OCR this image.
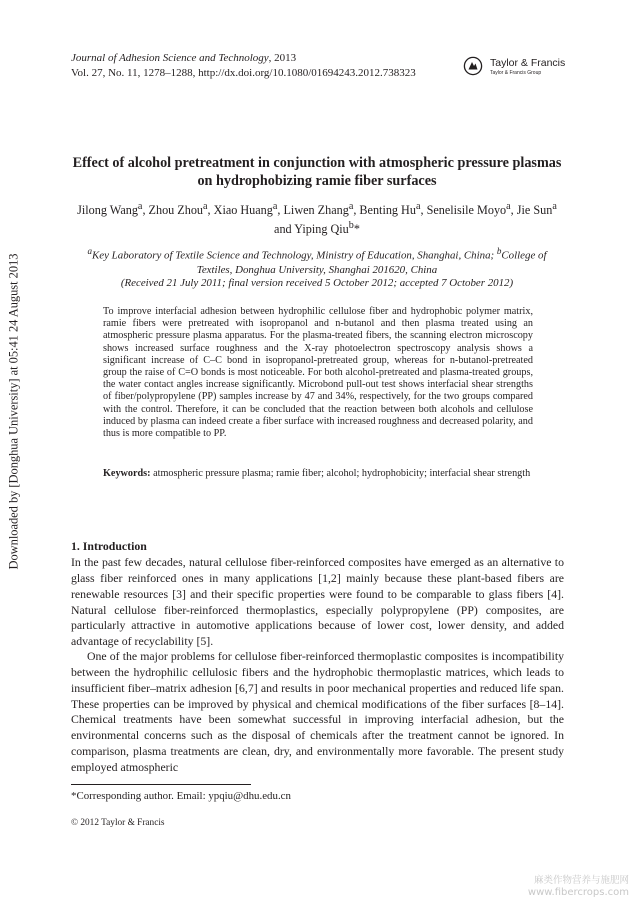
Downloaded by [Donghua University] at 05:41 24 August 2013
Journal of Adhesion Science and Technology, 2013
Vol. 27, No. 11, 1278–1288, http://dx.doi.org/10.1080/01694243.2012.738323
Taylor & Francis
Taylor & Francis Group
Effect of alcohol pretreatment in conjunction with atmospheric pressure plasmas on hydrophobizing ramie fiber surfaces
Jilong Wang$^a$, Zhou Zhou$^a$, Xiao Huang$^a$, Liwen Zhang$^a$, Benting Hu$^a$, Senelisile Moyo$^a$, Jie Sun$^a$ and Yiping Qiu$^b$*
$^a$Key Laboratory of Textile Science and Technology, Ministry of Education, Shanghai, China; $^b$College of Textiles, Donghua University, Shanghai 201620, China
(Received 21 July 2011; final version received 5 October 2012; accepted 7 October 2012)

To improve interfacial adhesion between hydrophilic cellulose fiber and hydrophobic polymer matrix, ramie fibers were pretreated with isopropanol and n-butanol and then plasma treated using an atmospheric pressure plasma apparatus. For the plasma-treated fibers, the scanning electron microscopy shows increased surface roughness and the X-ray photoelectron spectroscopy analysis shows a significant increase of C–C bond in isopropanol-pretreated group, whereas for n-butanol-pretreated group the raise of C=O bonds is most noticeable. For both alcohol-pretreated and plasma-treated groups, the water contact angles increase significantly. Microbond pull-out test shows interfacial shear strengths of fiber/polypropylene (PP) samples increase by 47 and 34%, respectively, for the two groups compared with the control. Therefore, it can be concluded that the reaction between both alcohols and cellulose induced by plasma can indeed create a fiber surface with increased roughness and decreased polarity, and thus is more compatible to PP.

Keywords: atmospheric pressure plasma; ramie fiber; alcohol; hydrophobicity; interfacial shear strength

1. Introduction

In the past few decades, natural cellulose fiber-reinforced composites have emerged as an alternative to glass fiber reinforced ones in many applications [1,2] mainly because these plant-based fibers are renewable resources [3] and their specific properties were found to be comparable to glass fibers [4]. Natural cellulose fiber-reinforced thermoplastics, especially polypropylene (PP) composites, are particularly attractive in automotive applications because of lower cost, lower density, and added advantage of recyclability [5].

One of the major problems for cellulose fiber-reinforced thermoplastic composites is incompatibility between the hydrophilic cellulosic fibers and the hydrophobic thermoplastic matrices, which leads to insufficient fiber–matrix adhesion [6,7] and results in poor mechanical properties and reduced life span. These properties can be improved by physical and chemical modifications of the fiber surfaces [8–14]. Chemical treatments have been somewhat successful in improving interfacial adhesion, but the environmental concerns such as the disposal of chemicals after the treatment cannot be ignored. In comparison, plasma treatments are clean, dry, and environmentally more favorable. The present study employed atmospheric

*Corresponding author. Email: ypqiu@dhu.edu.cn
© 2012 Taylor & Francis
麻类作物营养与施肥网
www.fibercrops.com
